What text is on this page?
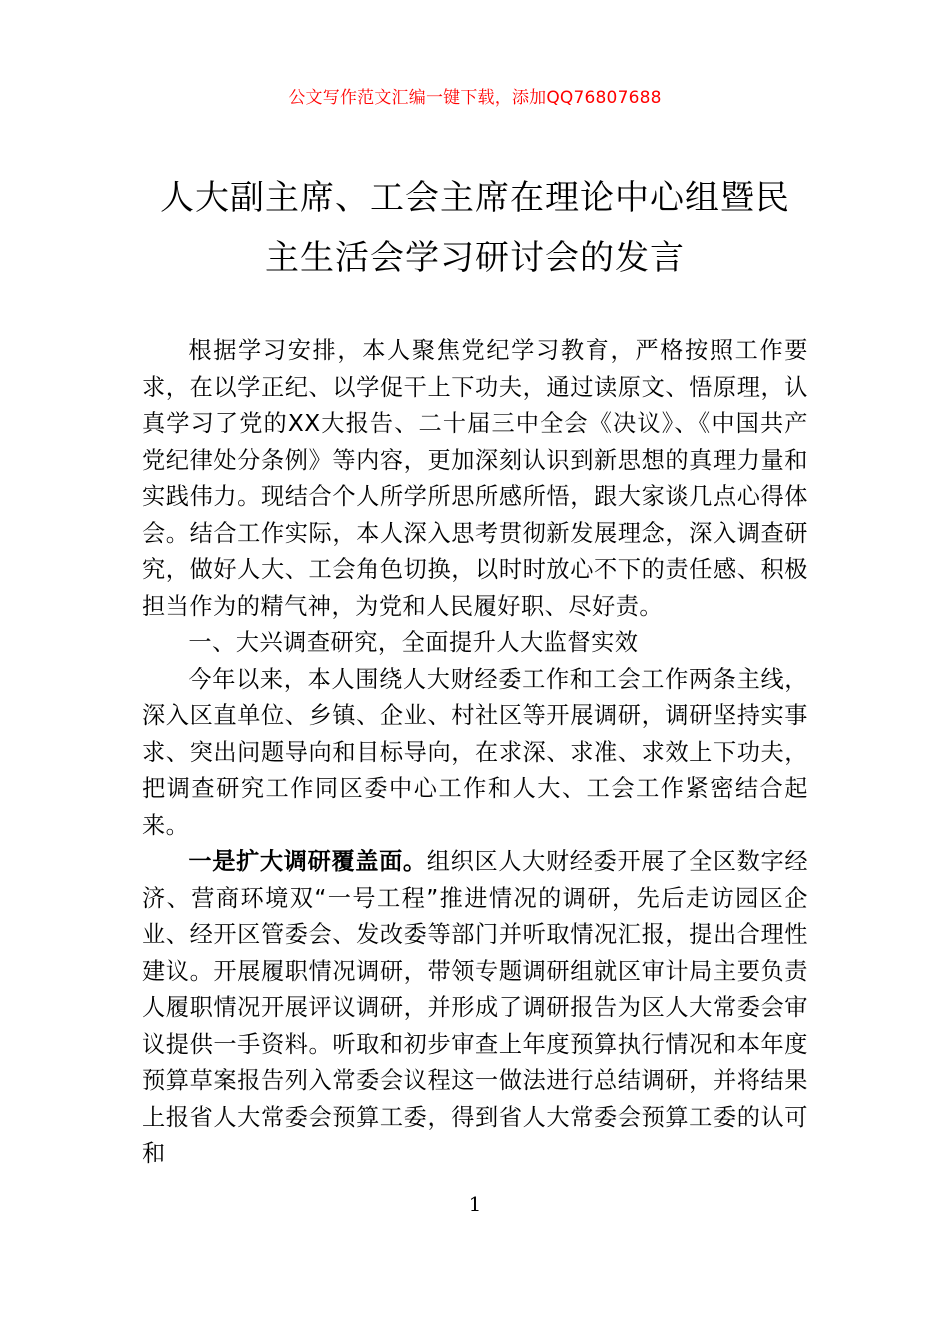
公文写作范文汇编一键下载，添加QQ76807688
人大副主席、工会主席在理论中心组暨民
主生活会学习研讨会的发言

根据学习安排，本人聚焦党纪学习教育，严格按照工作要求，在以学正纪、以学促干上下功夫，通过读原文、悟原理，认真学习了党的XX大报告、二十届三中全会《决议》、《中国共产党纪律处分条例》等内容，更加深刻认识到新思想的真理力量和实践伟力。现结合个人所学所思所感所悟，跟大家谈几点心得体会。结合工作实际，本人深入思考贯彻新发展理念，深入调查研究，做好人大、工会角色切换，以时时放心不下的责任感、积极担当作为的精气神，为党和人民履好职、尽好责。

一、大兴调查研究，全面提升人大监督实效

今年以来，本人围绕人大财经委工作和工会工作两条主线，深入区直单位、乡镇、企业、村社区等开展调研，调研坚持实事求、突出问题导向和目标导向，在求深、求准、求效上下功夫，把调查研究工作同区委中心工作和人大、工会工作紧密结合起来。

一是扩大调研覆盖面。组织区人大财经委开展了全区数字经济、营商环境双“一号工程”推进情况的调研，先后走访园区企业、经开区管委会、发改委等部门并听取情况汇报，提出合理性建议。开展履职情况调研，带领专题调研组就区审计局主要负责人履职情况开展评议调研，并形成了调研报告为区人大常委会审议提供一手资料。听取和初步审查上年度预算执行情况和本年度预算草案报告列入常委会议程这一做法进行总结调研，并将结果上报省人大常委会预算工委，得到省人大常委会预算工委的认可和

1
